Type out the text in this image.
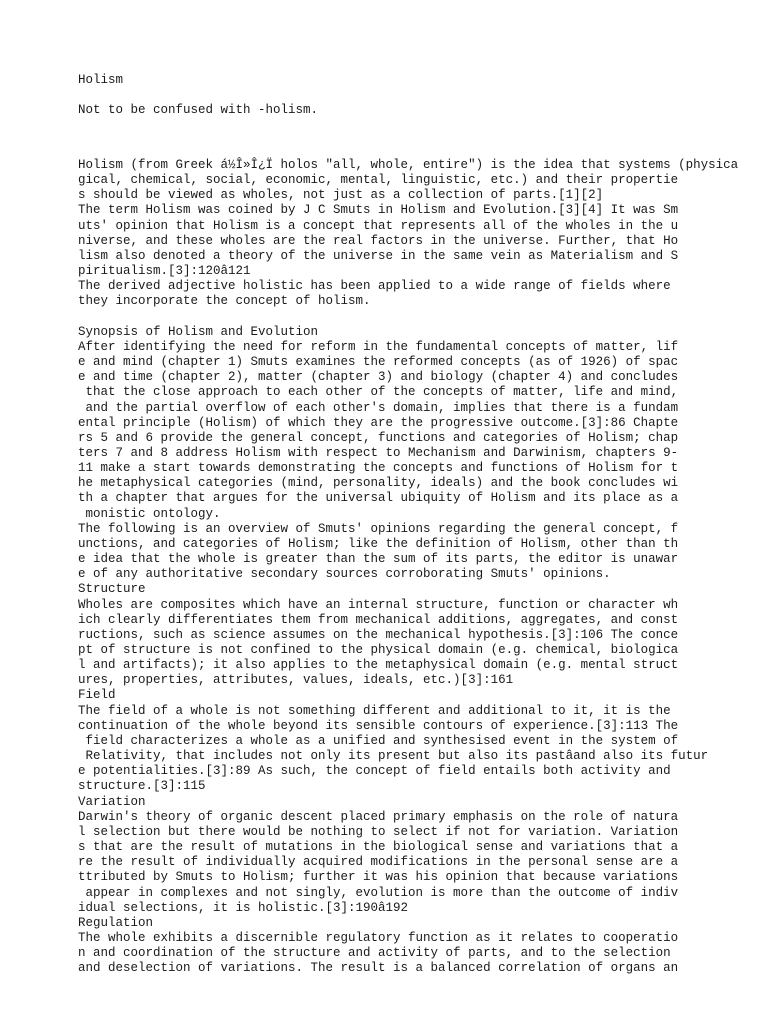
Holism

Not to be confused with -holism.

Holism (from Greek á½Î»Î¿Ï holos "all, whole, entire") is the idea that systems (physica
gical, chemical, social, economic, mental, linguistic, etc.) and their propertie
s should be viewed as wholes, not just as a collection of parts.[1][2]
The term Holism was coined by J C Smuts in Holism and Evolution.[3][4] It was Sm
uts' opinion that Holism is a concept that represents all of the wholes in the u
niverse, and these wholes are the real factors in the universe. Further, that Ho
lism also denoted a theory of the universe in the same vein as Materialism and S
piritualism.[3]:120â121
The derived adjective holistic has been applied to a wide range of fields where
they incorporate the concept of holism.

Synopsis of Holism and Evolution
After identifying the need for reform in the fundamental concepts of matter, lif
e and mind (chapter 1) Smuts examines the reformed concepts (as of 1926) of spac
e and time (chapter 2), matter (chapter 3) and biology (chapter 4) and concludes
that the close approach to each other of the concepts of matter, life and mind,
and the partial overflow of each other's domain, implies that there is a fundam
ental principle (Holism) of which they are the progressive outcome.[3]:86 Chapte
rs 5 and 6 provide the general concept, functions and categories of Holism; chap
ters 7 and 8 address Holism with respect to Mechanism and Darwinism, chapters 9-
11 make a start towards demonstrating the concepts and functions of Holism for t
he metaphysical categories (mind, personality, ideals) and the book concludes wi
th a chapter that argues for the universal ubiquity of Holism and its place as a
monistic ontology.
The following is an overview of Smuts' opinions regarding the general concept, f
unctions, and categories of Holism; like the definition of Holism, other than th
e idea that the whole is greater than the sum of its parts, the editor is unawar
e of any authoritative secondary sources corroborating Smuts' opinions.
Structure
Wholes are composites which have an internal structure, function or character wh
ich clearly differentiates them from mechanical additions, aggregates, and const
ructions, such as science assumes on the mechanical hypothesis.[3]:106 The conce
pt of structure is not confined to the physical domain (e.g. chemical, biologica
l and artifacts); it also applies to the metaphysical domain (e.g. mental struct
ures, properties, attributes, values, ideals, etc.)[3]:161
Field
The field of a whole is not something different and additional to it, it is the
continuation of the whole beyond its sensible contours of experience.[3]:113 The
field characterizes a whole as a unified and synthesised event in the system of
Relativity, that includes not only its present but also its pastâand also its futur
e potentialities.[3]:89 As such, the concept of field entails both activity and
structure.[3]:115
Variation
Darwin's theory of organic descent placed primary emphasis on the role of natura
l selection but there would be nothing to select if not for variation. Variation
s that are the result of mutations in the biological sense and variations that a
re the result of individually acquired modifications in the personal sense are a
ttributed by Smuts to Holism; further it was his opinion that because variations
appear in complexes and not singly, evolution is more than the outcome of indiv
idual selections, it is holistic.[3]:190â192
Regulation
The whole exhibits a discernible regulatory function as it relates to cooperatio
n and coordination of the structure and activity of parts, and to the selection
and deselection of variations. The result is a balanced correlation of organs an
